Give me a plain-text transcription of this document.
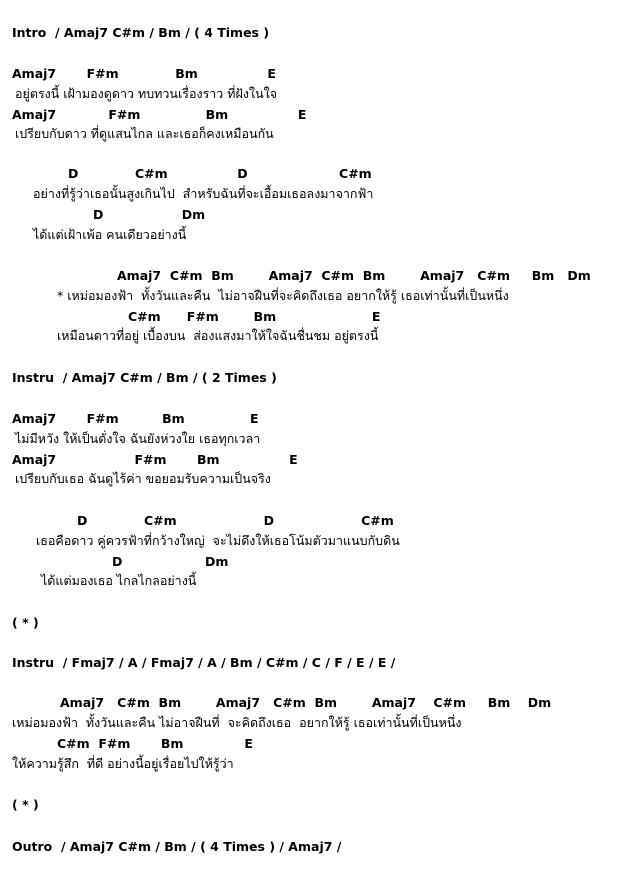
Intro  / Amaj7 C#m / Bm / ( 4 Times )
Amaj7       F#m             Bm                E
อยู่ตรงนี้ เฝ้ามองดูดาว ทบทวนเรื่องราว ที่ฝังในใจ
Amaj7            F#m               Bm                E
เปรียบกับดาว ที่ดูแสนไกล และเธอก็คงเหมือนกัน
D             C#m                D                     C#m
อย่างที่รู้ว่าเธอนั้นสูงเกินไป  สำหรับฉันที่จะเอื้อมเธอลงมาจากฟ้า
D                  Dm
ได้แต่เฝ้าเพ้อ คนเดียวอย่างนี้
Amaj7  C#m  Bm        Amaj7  C#m  Bm        Amaj7   C#m     Bm   Dm
* เหม่อมองฟ้า  ทั้งวันและคืน  ไม่อาจฝืนที่จะคิดถึงเธอ อยากให้รู้ เธอเท่านั้นที่เป็นหนึ่ง
C#m      F#m        Bm                      E
เหมือนดาวที่อยู่ เบื้องบน  ส่องแสงมาให้ใจฉันชื่นชม อยู่ตรงนี้
Instru  / Amaj7 C#m / Bm / ( 2 Times )
Amaj7       F#m          Bm               E
ไม่มีหวัง ให้เป็นดั่งใจ ฉันยังห่วงใย เธอทุกเวลา
Amaj7                  F#m       Bm                E
เปรียบกับเธอ ฉันดูไร้ค่า ขอยอมรับความเป็นจริง
D             C#m                    D                    C#m
เธอคือดาว คู่ควรฟ้าที่กว้างใหญ่  จะไม่ดึงให้เธอโน้มตัวมาแนบกับดิน
D                   Dm
ได้แต่มองเธอ ไกลไกลอย่างนี้
( * )
Instru  / Fmaj7 / A / Fmaj7 / A / Bm / C#m / C / F / E / E /
Amaj7   C#m  Bm        Amaj7   C#m  Bm        Amaj7    C#m     Bm    Dm
เหม่อมองฟ้า  ทั้งวันและคืน ไม่อาจฝืนที่  จะคิดถึงเธอ  อยากให้รู้ เธอเท่านั้นที่เป็นหนึ่ง
C#m  F#m       Bm              E
ให้ความรู้สึก  ที่ดี อย่างนี้อยู่เรื่อยไปให้รู้ว่า
( * )
Outro  / Amaj7 C#m / Bm / ( 4 Times ) / Amaj7 /
